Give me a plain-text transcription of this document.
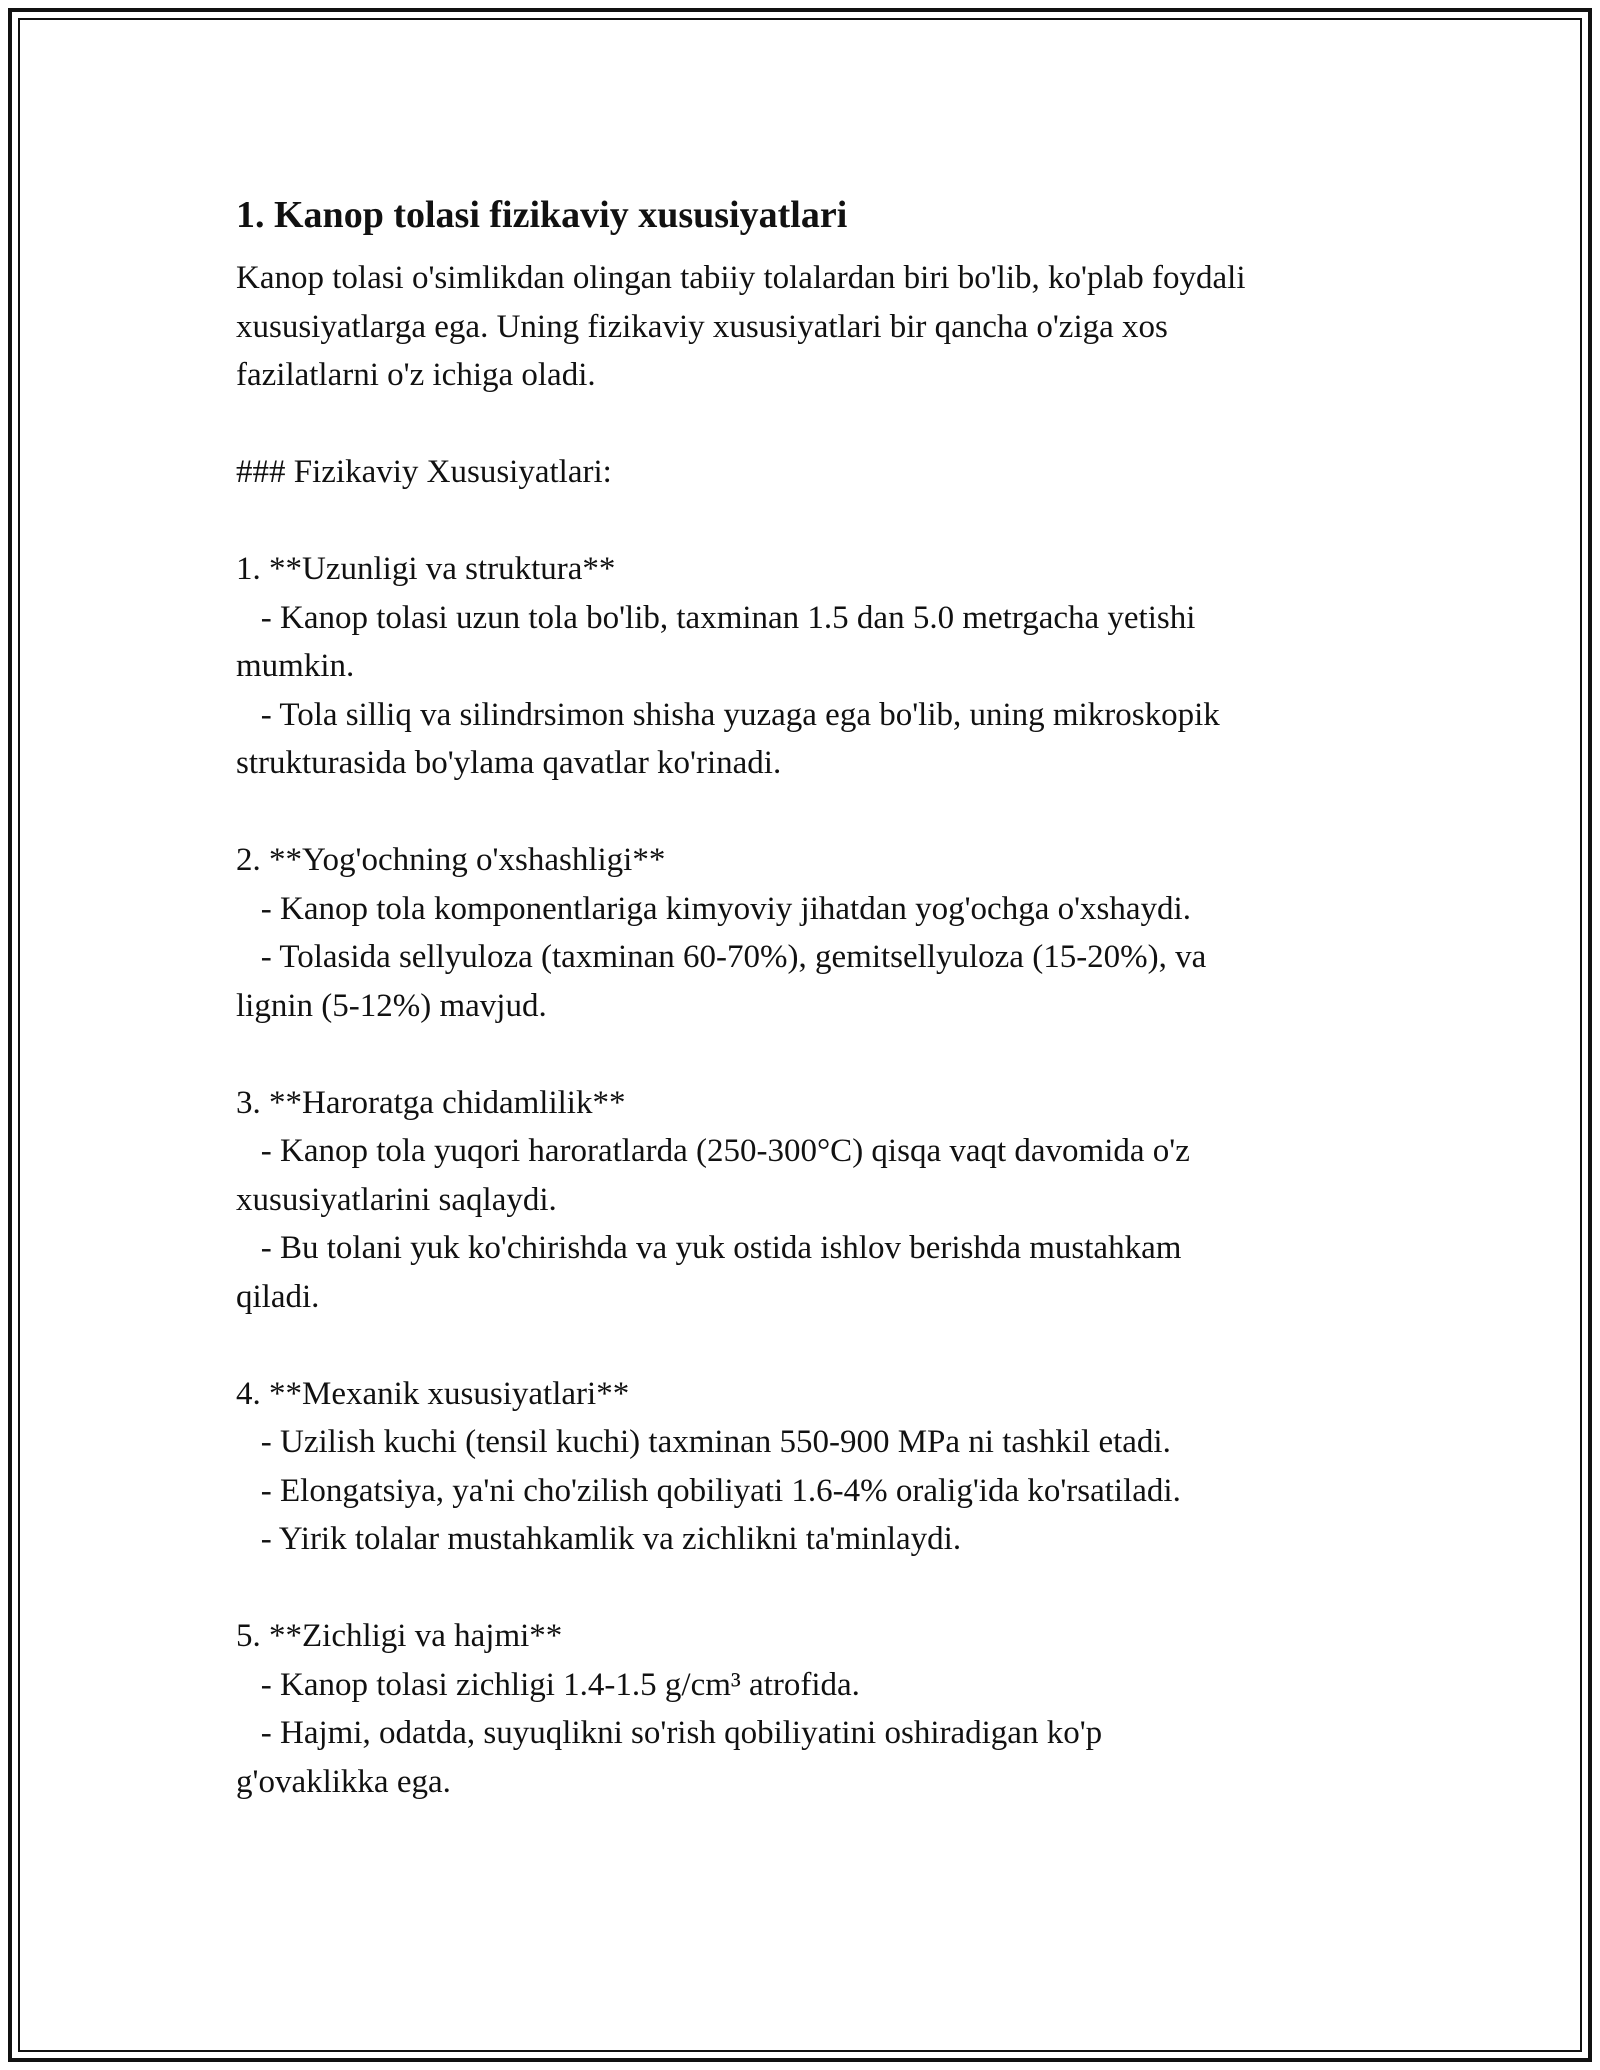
1. Kanop tolasi fizikaviy xususiyatlari

Kanop tolasi o'simlikdan olingan tabiiy tolalardan biri bo'lib, ko'plab foydali
xususiyatlarga ega. Uning fizikaviy xususiyatlari bir qancha o'ziga xos
fazilatlarni o'z ichiga oladi.

### Fizikaviy Xususiyatlari:

1. **Uzunligi va struktura**
- Kanop tolasi uzun tola bo'lib, taxminan 1.5 dan 5.0 metrgacha yetishi
mumkin.
- Tola silliq va silindrsimon shisha yuzaga ega bo'lib, uning mikroskopik
strukturasida bo'ylama qavatlar ko'rinadi.

2. **Yog'ochning o'xshashligi**
- Kanop tola komponentlariga kimyoviy jihatdan yog'ochga o'xshaydi.
- Tolasida sellyuloza (taxminan 60-70%), gemitsellyuloza (15-20%), va
lignin (5-12%) mavjud.

3. **Haroratga chidamlilik**
- Kanop tola yuqori haroratlarda (250-300°C) qisqa vaqt davomida o'z
xususiyatlarini saqlaydi.
- Bu tolani yuk ko'chirishda va yuk ostida ishlov berishda mustahkam
qiladi.

4. **Mexanik xususiyatlari**
- Uzilish kuchi (tensil kuchi) taxminan 550-900 MPa ni tashkil etadi.
- Elongatsiya, ya'ni cho'zilish qobiliyati 1.6-4% oralig'ida ko'rsatiladi.
- Yirik tolalar mustahkamlik va zichlikni ta'minlaydi.

5. **Zichligi va hajmi**
- Kanop tolasi zichligi 1.4-1.5 g/cm³ atrofida.
- Hajmi, odatda, suyuqlikni so'rish qobiliyatini oshiradigan ko'p
g'ovaklikka ega.
